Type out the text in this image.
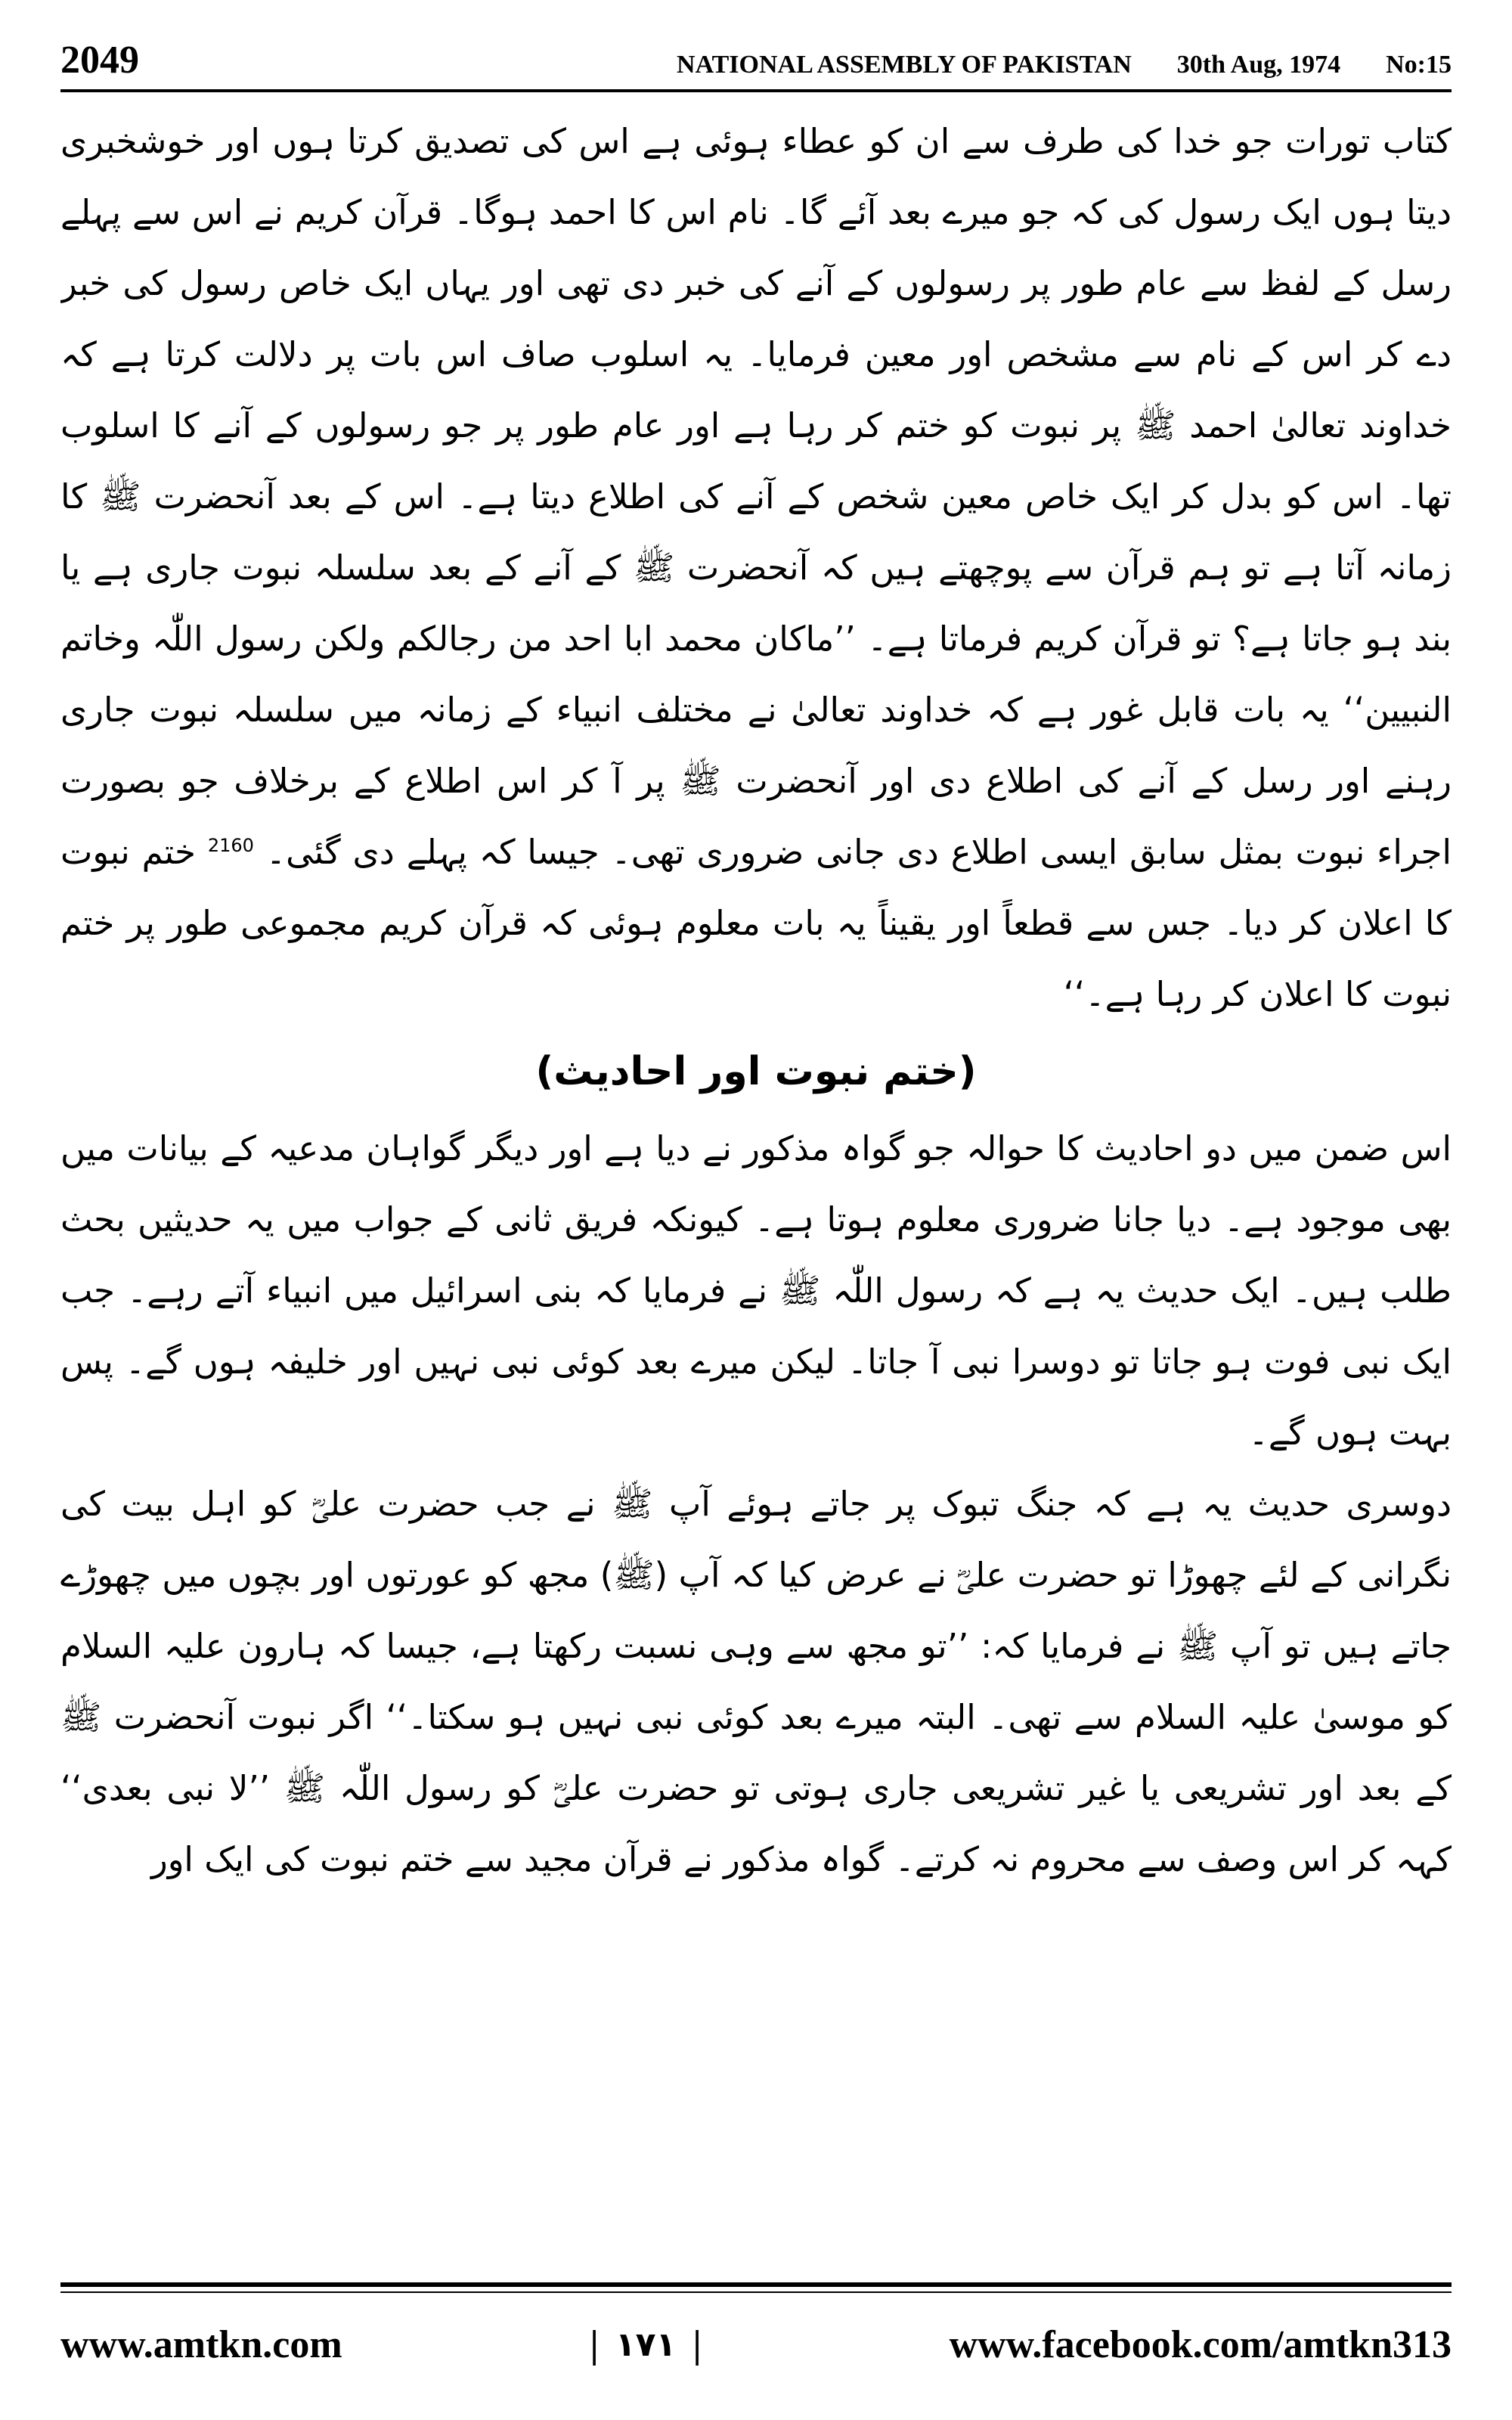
2049	NATIONAL ASSEMBLY OF PAKISTAN 30th Aug, 1974 No:15

کتاب تورات جو خدا کی طرف سے ان کو عطاء ہوئی ہے اس کی تصدیق کرتا ہوں اور خوشخبری دیتا ہوں ایک رسول کی کہ جو میرے بعد آئے گا۔ نام اس کا احمد ہوگا۔ قرآن کریم نے اس سے پہلے رسل کے لفظ سے عام طور پر رسولوں کے آنے کی خبر دی تھی اور یہاں ایک خاص رسول کی خبر دے کر اس کے نام سے مشخص اور معین فرمایا۔ یہ اسلوب صاف اس بات پر دلالت کرتا ہے کہ خداوند تعالیٰ احمد ﷺ پر نبوت کو ختم کر رہا ہے اور عام طور پر جو رسولوں کے آنے کا اسلوب تھا۔ اس کو بدل کر ایک خاص معین شخص کے آنے کی اطلاع دیتا ہے۔ اس کے بعد آنحضرت ﷺ کا زمانہ آتا ہے تو ہم قرآن سے پوچھتے ہیں کہ آنحضرت ﷺ کے آنے کے بعد سلسلہ نبوت جاری ہے یا بند ہو جاتا ہے؟ تو قرآن کریم فرماتا ہے۔ ’’ماکان محمد ابا احد من رجالکم ولکن رسول اللّٰہ وخاتم النبیین‘‘ یہ بات قابل غور ہے کہ خداوند تعالیٰ نے مختلف انبیاء کے زمانہ میں سلسلہ نبوت جاری رہنے اور رسل کے آنے کی اطلاع دی اور آنحضرت ﷺ پر آ کر اس اطلاع کے برخلاف جو بصورت اجراء نبوت بمثل سابق ایسی اطلاع دی جانی ضروری تھی۔ جیسا کہ پہلے دی گئی۔ $^{2160}$ ختم نبوت کا اعلان کر دیا۔ جس سے قطعاً اور یقیناً یہ بات معلوم ہوئی کہ قرآن کریم مجموعی طور پر ختم نبوت کا اعلان کر رہا ہے۔‘‘

(ختم نبوت اور احادیث)

اس ضمن میں دو احادیث کا حوالہ جو گواہ مذکور نے دیا ہے اور دیگر گواہان مدعیہ کے بیانات میں بھی موجود ہے۔ دیا جانا ضروری معلوم ہوتا ہے۔ کیونکہ فریق ثانی کے جواب میں یہ حدیثیں بحث طلب ہیں۔ ایک حدیث یہ ہے کہ رسول اللّٰہ ﷺ نے فرمایا کہ بنی اسرائیل میں انبیاء آتے رہے۔ جب ایک نبی فوت ہو جاتا تو دوسرا نبی آ جاتا۔ لیکن میرے بعد کوئی نبی نہیں اور خلیفہ ہوں گے۔ پس بہت ہوں گے۔

دوسری حدیث یہ ہے کہ جنگ تبوک پر جاتے ہوئے آپ ﷺ نے جب حضرت علیؓ کو اہل بیت کی نگرانی کے لئے چھوڑا تو حضرت علیؓ نے عرض کیا کہ آپ (ﷺ) مجھ کو عورتوں اور بچوں میں چھوڑے جاتے ہیں تو آپ ﷺ نے فرمایا کہ: ’’تو مجھ سے وہی نسبت رکھتا ہے، جیسا کہ ہارون علیہ السلام کو موسیٰ علیہ السلام سے تھی۔ البتہ میرے بعد کوئی نبی نہیں ہو سکتا۔‘‘ اگر نبوت آنحضرت ﷺ کے بعد اور تشریعی یا غیر تشریعی جاری ہوتی تو حضرت علیؓ کو رسول اللّٰہ ﷺ ’’لا نبی بعدی‘‘ کہہ کر اس وصف سے محروم نہ کرتے۔ گواہ مذکور نے قرآن مجید سے ختم نبوت کی ایک اور

www.amtkn.com	| ۱۷۱ |	www.facebook.com/amtkn313
